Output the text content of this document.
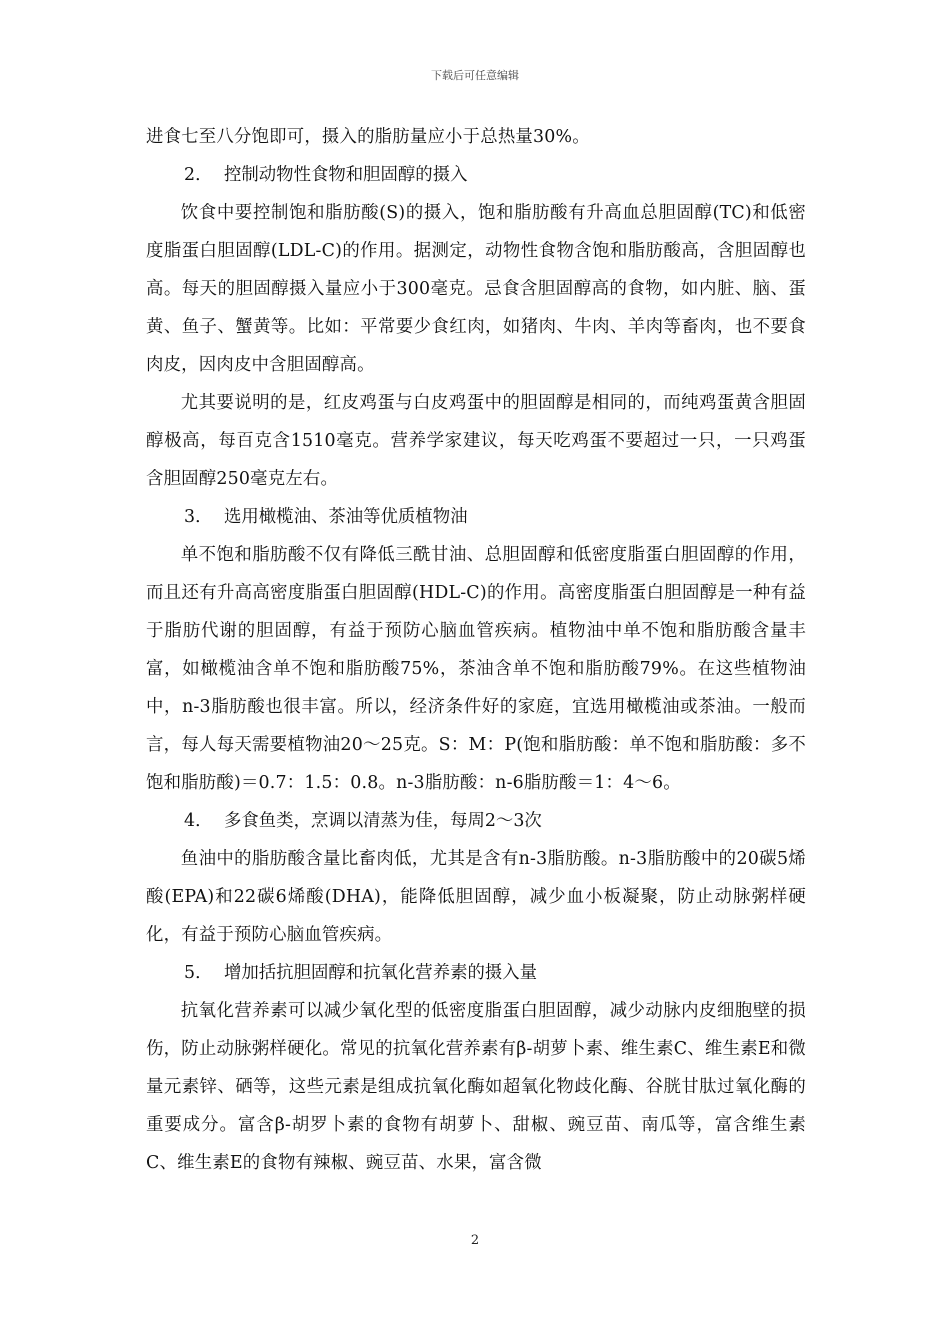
下载后可任意编辑

进食七至八分饱即可，摄入的脂肪量应小于总热量30%。

2． 控制动物性食物和胆固醇的摄入

饮食中要控制饱和脂肪酸(S)的摄入，饱和脂肪酸有升高血总胆固醇(TC)和低密度脂蛋白胆固醇(LDL-C)的作用。据测定，动物性食物含饱和脂肪酸高，含胆固醇也高。每天的胆固醇摄入量应小于300毫克。忌食含胆固醇高的食物，如内脏、脑、蛋黄、鱼子、蟹黄等。比如：平常要少食红肉，如猪肉、牛肉、羊肉等畜肉，也不要食肉皮，因肉皮中含胆固醇高。

尤其要说明的是，红皮鸡蛋与白皮鸡蛋中的胆固醇是相同的，而纯鸡蛋黄含胆固醇极高，每百克含1510毫克。营养学家建议，每天吃鸡蛋不要超过一只，一只鸡蛋含胆固醇250毫克左右。

3． 选用橄榄油、茶油等优质植物油

单不饱和脂肪酸不仅有降低三酰甘油、总胆固醇和低密度脂蛋白胆固醇的作用，而且还有升高高密度脂蛋白胆固醇(HDL-C)的作用。高密度脂蛋白胆固醇是一种有益于脂肪代谢的胆固醇，有益于预防心脑血管疾病。植物油中单不饱和脂肪酸含量丰富，如橄榄油含单不饱和脂肪酸75%，茶油含单不饱和脂肪酸79%。在这些植物油中，n-3脂肪酸也很丰富。所以，经济条件好的家庭，宜选用橄榄油或茶油。一般而言，每人每天需要植物油20～25克。S：M：P(饱和脂肪酸：单不饱和脂肪酸：多不饱和脂肪酸)＝0.7：1.5：0.8。n-3脂肪酸：n-6脂肪酸＝1：4～6。

4． 多食鱼类，烹调以清蒸为佳，每周2～3次

鱼油中的脂肪酸含量比畜肉低，尤其是含有n-3脂肪酸。n-3脂肪酸中的20碳5烯酸(EPA)和22碳6烯酸(DHA)，能降低胆固醇，减少血小板凝聚，防止动脉粥样硬化，有益于预防心脑血管疾病。

5． 增加括抗胆固醇和抗氧化营养素的摄入量

抗氧化营养素可以减少氧化型的低密度脂蛋白胆固醇，减少动脉内皮细胞壁的损伤，防止动脉粥样硬化。常见的抗氧化营养素有β-胡萝卜素、维生素C、维生素E和微量元素锌、硒等，这些元素是组成抗氧化酶如超氧化物歧化酶、谷胱甘肽过氧化酶的重要成分。富含β-胡罗卜素的食物有胡萝卜、甜椒、豌豆苗、南瓜等，富含维生素C、维生素E的食物有辣椒、豌豆苗、水果，富含微

2
